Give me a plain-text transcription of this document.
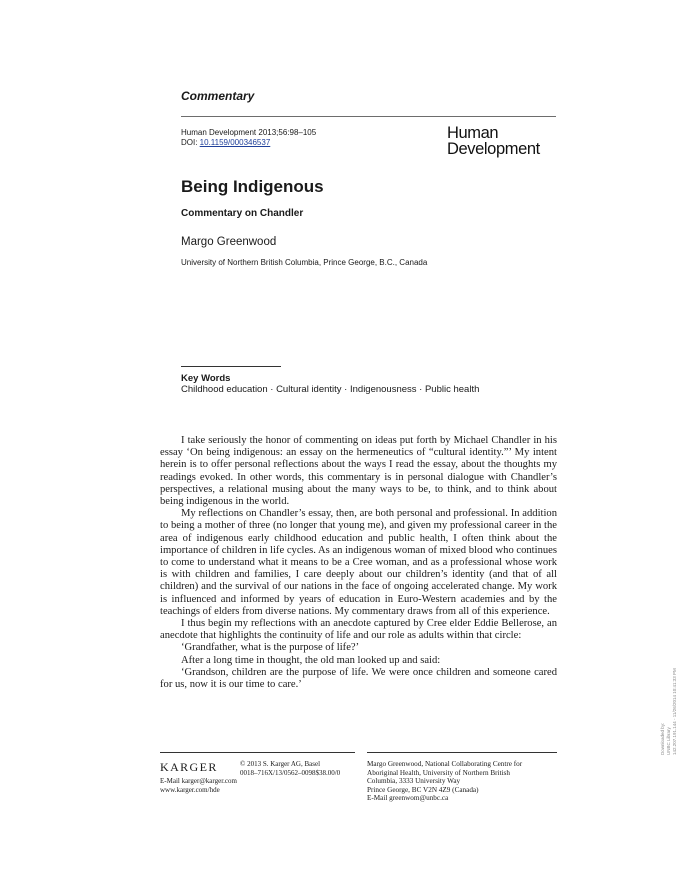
Commentary
Human Development 2013;56:98–105
DOI: 10.1159/000346537
Human
Development
Being Indigenous
Commentary on Chandler
Margo Greenwood
University of Northern British Columbia, Prince George, B.C., Canada
Key Words
Childhood education · Cultural identity · Indigenousness · Public health

I take seriously the honor of commenting on ideas put forth by Michael Chandler in his essay ‘On being indigenous: an essay on the hermeneutics of “cultural identity.”’ My intent herein is to offer personal reflections about the ways I read the essay, about the thoughts my readings evoked. In other words, this commentary is in personal dialogue with Chandler’s perspectives, a relational musing about the many ways to be, to think, and to think about being indigenous in the world.

My reflections on Chandler’s essay, then, are both personal and professional. In addition to being a mother of three (no longer that young me), and given my professional career in the area of indigenous early childhood education and public health, I often think about the importance of children in life cycles. As an indigenous woman of mixed blood who continues to come to understand what it means to be a Cree woman, and as a professional whose work is with children and families, I care deeply about our children’s identity (and that of all children) and the survival of our nations in the face of ongoing accelerated change. My work is influenced and informed by years of education in Euro-Western academies and by the teachings of elders from diverse nations. My commentary draws from all of this experience.

I thus begin my reflections with an anecdote captured by Cree elder Eddie Bellerose, an anecdote that highlights the continuity of life and our role as adults within that circle:

‘Grandfather, what is the purpose of life?’

After a long time in thought, the old man looked up and said:

‘Grandson, children are the purpose of life. We were once children and someone cared for us, now it is our time to care.’

KARGER	© 2013 S. Karger AG, Basel
0018–716X/13/0562–0098$38.00/0
E-Mail karger@karger.com
www.karger.com/hde
Margo Greenwood, National Collaborating Centre for
Aboriginal Health, University of Northern British
Columbia, 3333 University Way
Prince George, BC V2N 4Z9 (Canada)
E-Mail greenwom@unbc.ca
Downloaded by: UNBC Library 142.207.191.144 - 11/26/2014 10:41:33 PM
